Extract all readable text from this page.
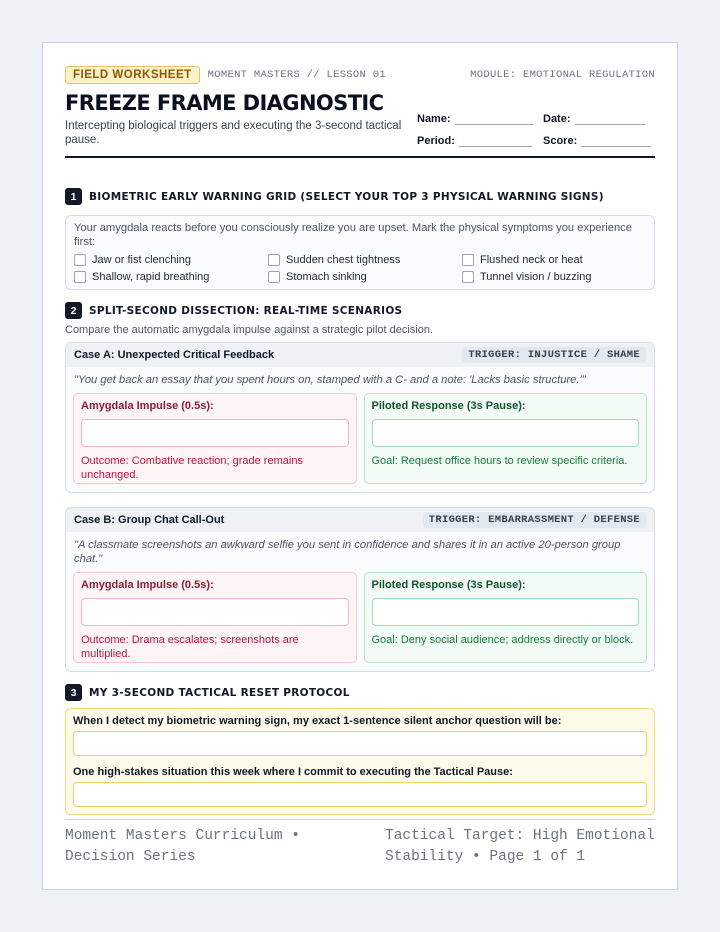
FIELD WORKSHEET	MOMENT MASTERS // LESSON 01	MODULE: EMOTIONAL REGULATION
FREEZE FRAME DIAGNOSTIC
Intercepting biological triggers and executing the 3-second tactical pause.
Name:	Date:
Period:	Score:
1	BIOMETRIC EARLY WARNING GRID (SELECT YOUR TOP 3 PHYSICAL WARNING SIGNS)
Your amygdala reacts before you consciously realize you are upset. Mark the physical symptoms you experience first:
Jaw or fist clenching	Sudden chest tightness	Flushed neck or heat
Shallow, rapid breathing	Stomach sinking	Tunnel vision / buzzing
2	SPLIT-SECOND DISSECTION: REAL-TIME SCENARIOS
Compare the automatic amygdala impulse against a strategic pilot decision.
Case A: Unexpected Critical Feedback	TRIGGER: INJUSTICE / SHAME
"You get back an essay that you spent hours on, stamped with a C- and a note: 'Lacks basic structure.'"
Amygdala Impulse (0.5s):
Outcome: Combative reaction; grade remains unchanged.
Piloted Response (3s Pause):
Goal: Request office hours to review specific criteria.
Case B: Group Chat Call-Out	TRIGGER: EMBARRASSMENT / DEFENSE
"A classmate screenshots an awkward selfie you sent in confidence and shares it in an active 20-person group chat."
Amygdala Impulse (0.5s):
Outcome: Drama escalates; screenshots are multiplied.
Piloted Response (3s Pause):
Goal: Deny social audience; address directly or block.
3	MY 3-SECOND TACTICAL RESET PROTOCOL
When I detect my biometric warning sign, my exact 1-sentence silent anchor question will be:
One high-stakes situation this week where I commit to executing the Tactical Pause:
Moment Masters Curriculum • Decision Series
Tactical Target: High Emotional Stability • Page 1 of 1
